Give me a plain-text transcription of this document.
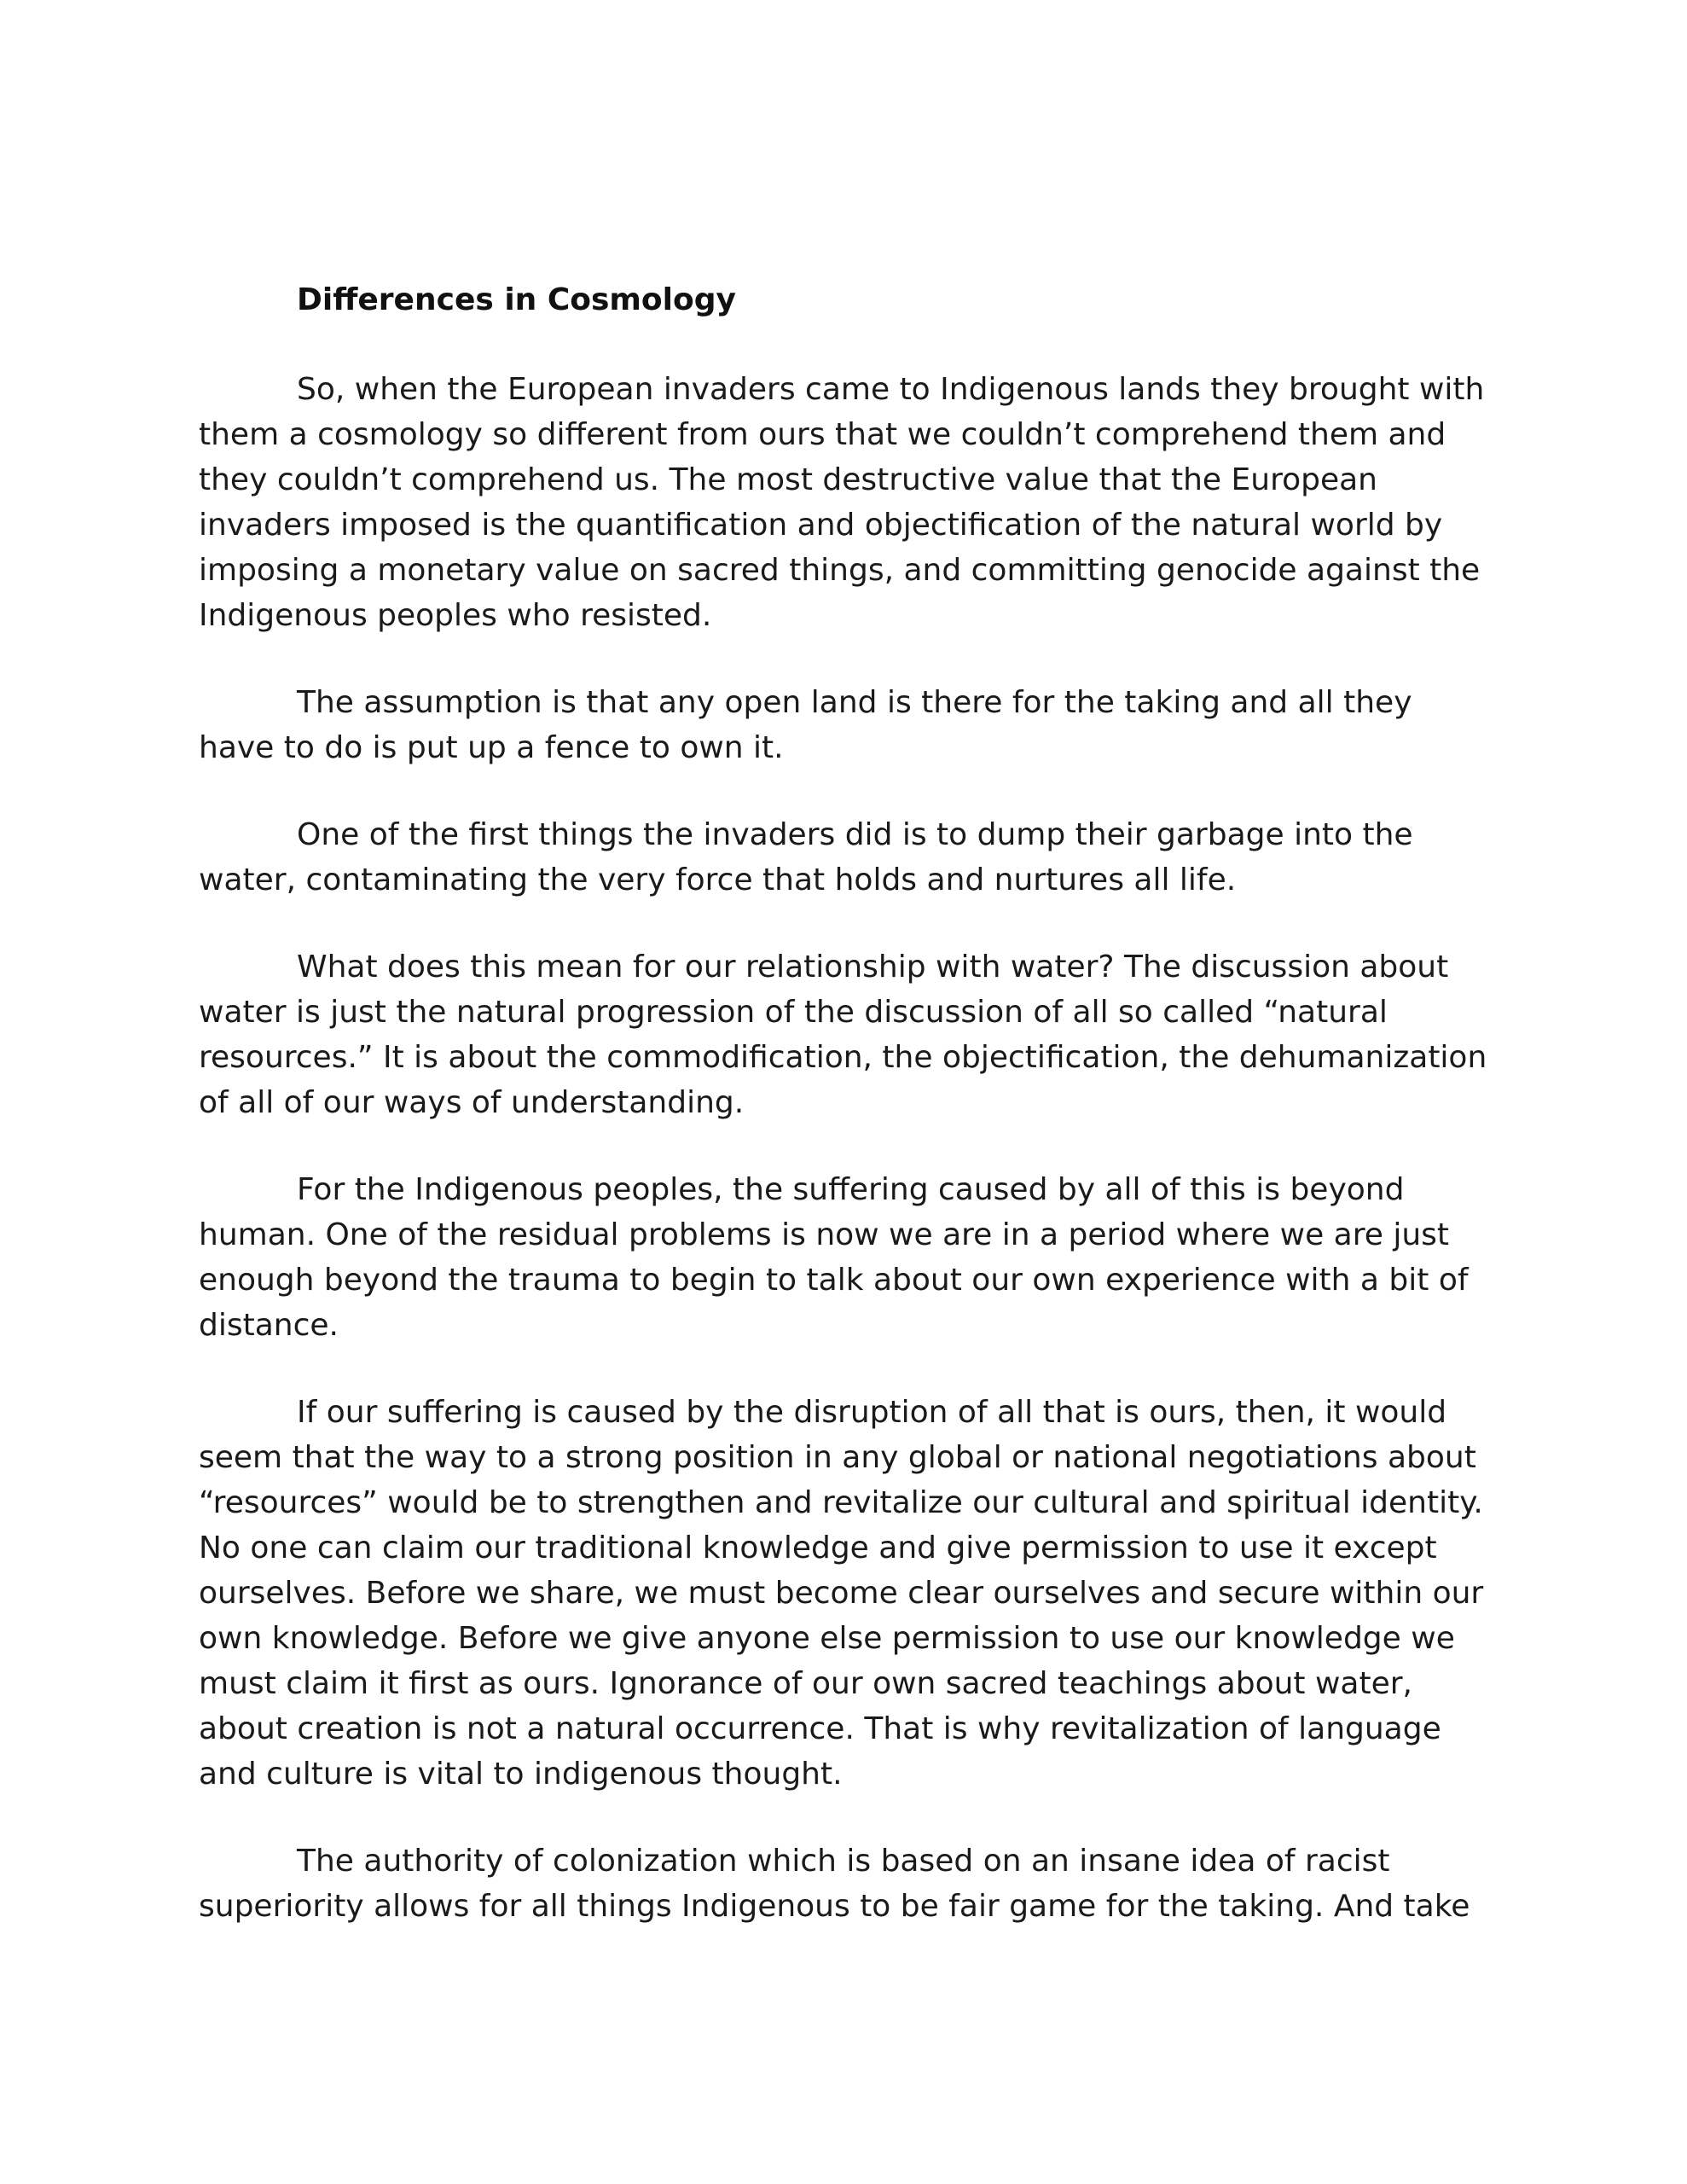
Differences in Cosmology

So, when the European invaders came to Indigenous lands they brought with them a cosmology so different from ours that we couldn’t comprehend them and they couldn’t comprehend us. The most destructive value that the European invaders imposed is the quantification and objectification of the natural world by imposing a monetary value on sacred things, and committing genocide against the Indigenous peoples who resisted.

The assumption is that any open land is there for the taking and all they have to do is put up a fence to own it.

One of the first things the invaders did is to dump their garbage into the water, contaminating the very force that holds and nurtures all life.

What does this mean for our relationship with water? The discussion about water is just the natural progression of the discussion of all so called “natural resources.” It is about the commodification, the objectification, the dehumanization of all of our ways of understanding.

For the Indigenous peoples, the suffering caused by all of this is beyond human. One of the residual problems is now we are in a period where we are just enough beyond the trauma to begin to talk about our own experience with a bit of distance.

If our suffering is caused by the disruption of all that is ours, then, it would seem that the way to a strong position in any global or national negotiations about “resources” would be to strengthen and revitalize our cultural and spiritual identity. No one can claim our traditional knowledge and give permission to use it except ourselves. Before we share, we must become clear ourselves and secure within our own knowledge. Before we give anyone else permission to use our knowledge we must claim it first as ours. Ignorance of our own sacred teachings about water, about creation is not a natural occurrence. That is why revitalization of language and culture is vital to indigenous thought.

The authority of colonization which is based on an insane idea of racist superiority allows for all things Indigenous to be fair game for the taking. And take
